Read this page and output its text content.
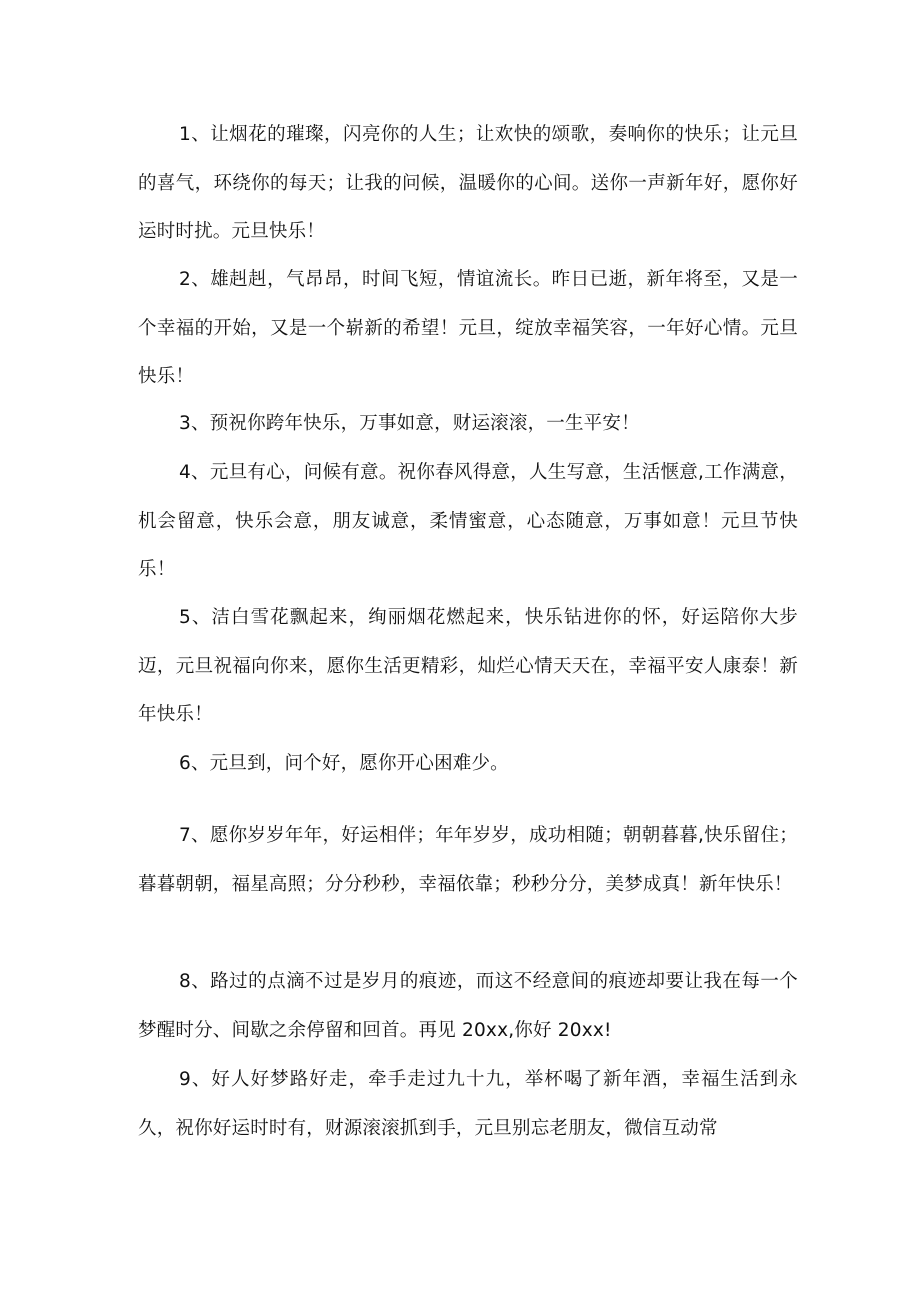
1、让烟花的璀璨，闪亮你的人生；让欢快的颂歌，奏响你的快乐；让元旦的喜气，环绕你的每天；让我的问候，温暖你的心间。送你一声新年好，愿你好运时时扰。元旦快乐！

2、雄赳赳，气昂昂，时间飞短，情谊流长。昨日已逝，新年将至，又是一个幸福的开始，又是一个崭新的希望！元旦，绽放幸福笑容，一年好心情。元旦快乐！

3、预祝你跨年快乐，万事如意，财运滚滚，一生平安！

4、元旦有心，问候有意。祝你春风得意，人生写意，生活惬意,工作满意，机会留意，快乐会意，朋友诚意，柔情蜜意，心态随意，万事如意！元旦节快乐！

5、洁白雪花飘起来，绚丽烟花燃起来，快乐钻进你的怀，好运陪你大步迈，元旦祝福向你来，愿你生活更精彩，灿烂心情天天在，幸福平安人康泰！新年快乐！

6、元旦到，问个好，愿你开心困难少。

7、愿你岁岁年年，好运相伴；年年岁岁，成功相随；朝朝暮暮,快乐留住；暮暮朝朝，福星高照；分分秒秒，幸福依靠；秒秒分分，美梦成真！新年快乐！

8、路过的点滴不过是岁月的痕迹，而这不经意间的痕迹却要让我在每一个梦醒时分、间歇之余停留和回首。再见 20xx,你好 20xx!

9、好人好梦路好走，牵手走过九十九，举杯喝了新年酒，幸福生活到永久，祝你好运时时有，财源滚滚抓到手，元旦别忘老朋友，微信互动常
